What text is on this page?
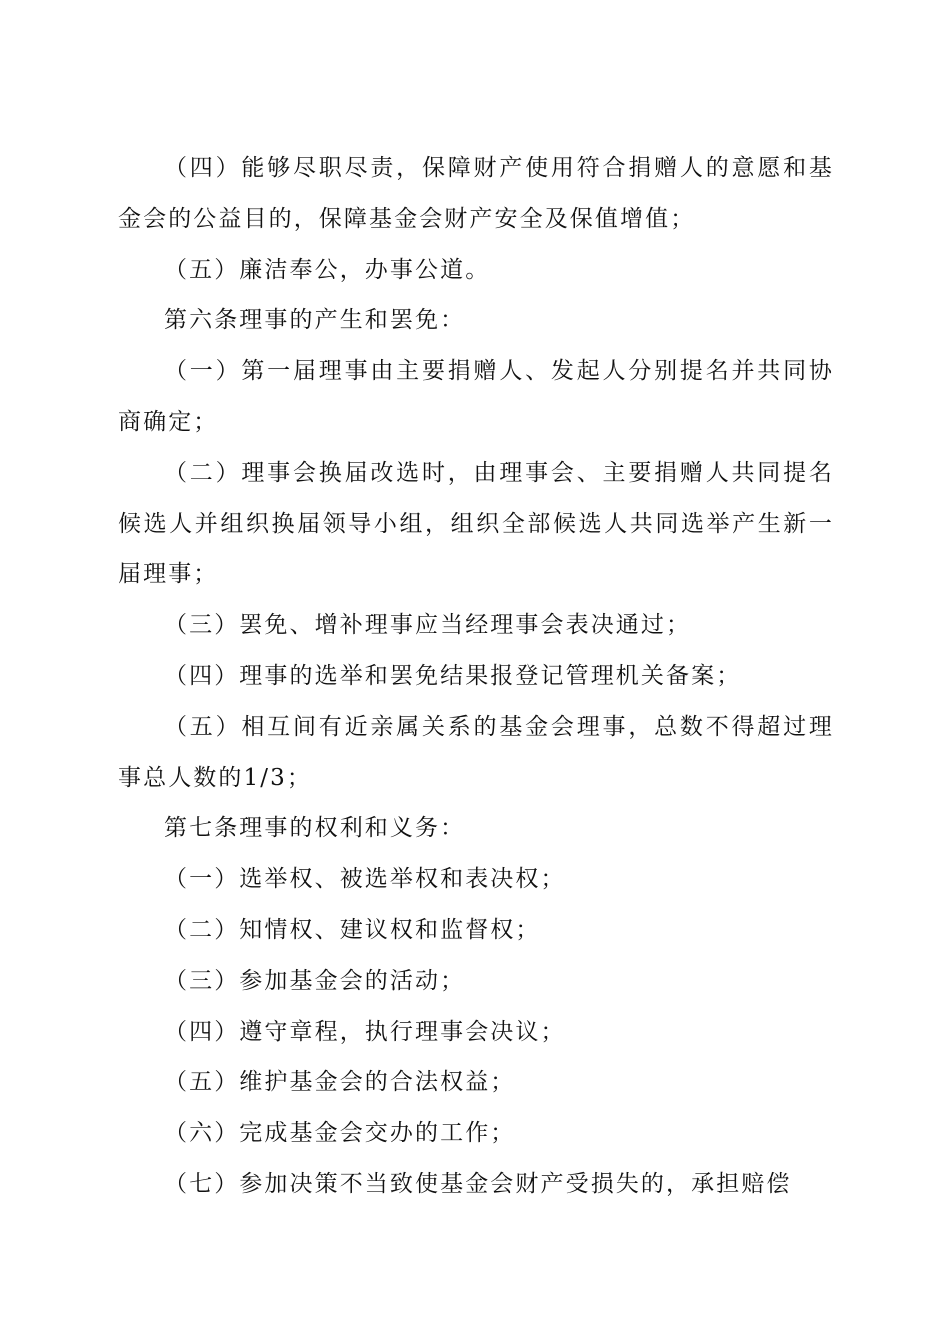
（四）能够尽职尽责，保障财产使用符合捐赠人的意愿和基金会的公益目的，保障基金会财产安全及保值增值；

（五）廉洁奉公，办事公道。

第六条理事的产生和罢免：

（一）第一届理事由主要捐赠人、发起人分别提名并共同协商确定；

（二）理事会换届改选时，由理事会、主要捐赠人共同提名候选人并组织换届领导小组，组织全部候选人共同选举产生新一届理事；

（三）罢免、增补理事应当经理事会表决通过；

（四）理事的选举和罢免结果报登记管理机关备案；

（五）相互间有近亲属关系的基金会理事，总数不得超过理事总人数的1/3；

第七条理事的权利和义务：

（一）选举权、被选举权和表决权；

（二）知情权、建议权和监督权；

（三）参加基金会的活动；

（四）遵守章程，执行理事会决议；

（五）维护基金会的合法权益；

（六）完成基金会交办的工作；

（七）参加决策不当致使基金会财产受损失的，承担赔偿
